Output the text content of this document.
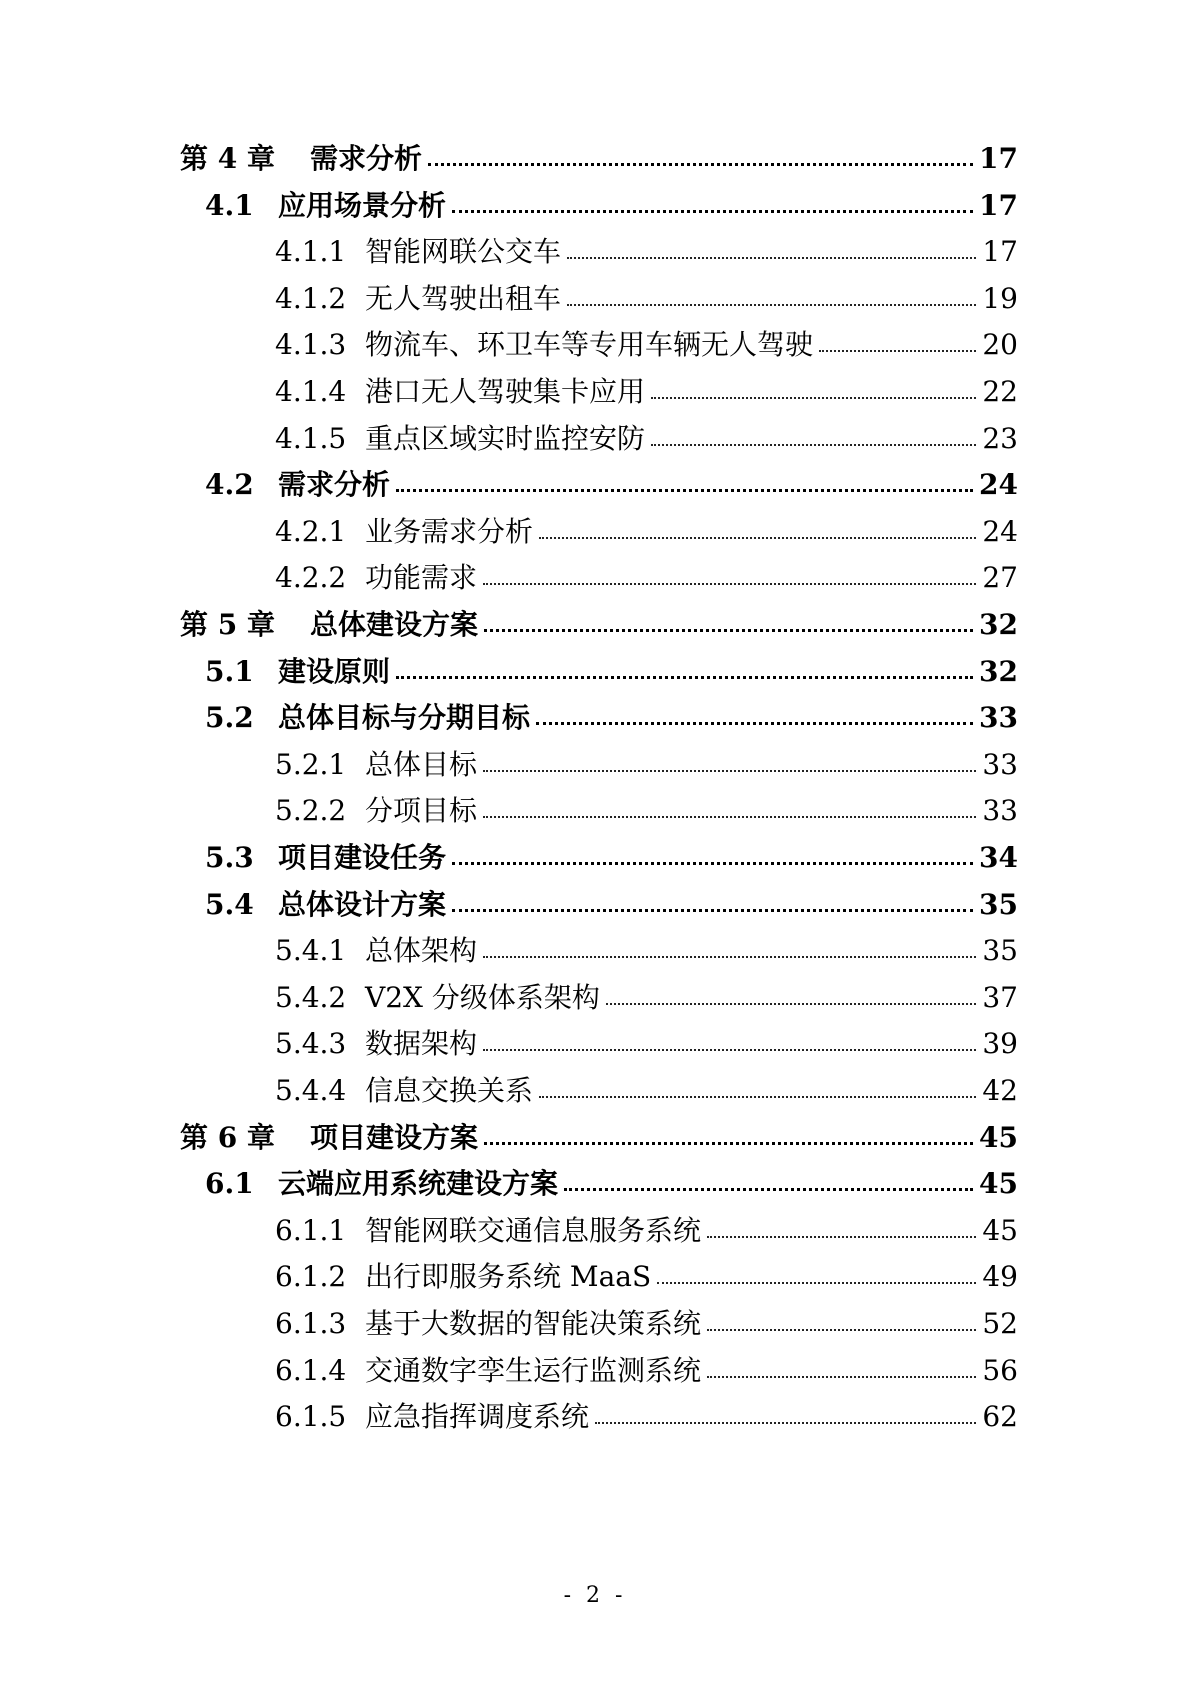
第 4 章	需求分析	17
4.1 应用场景分析	17
4.1.1 智能网联公交车	17
4.1.2 无人驾驶出租车	19
4.1.3 物流车、环卫车等专用车辆无人驾驶	20
4.1.4 港口无人驾驶集卡应用	22
4.1.5 重点区域实时监控安防	23
4.2 需求分析	24
4.2.1 业务需求分析	24
4.2.2 功能需求	27
第 5 章	总体建设方案	32
5.1 建设原则	32
5.2 总体目标与分期目标	33
5.2.1 总体目标	33
5.2.2 分项目标	33
5.3 项目建设任务	34
5.4 总体设计方案	35
5.4.1 总体架构	35
5.4.2 V2X 分级体系架构	37
5.4.3 数据架构	39
5.4.4 信息交换关系	42
第 6 章	项目建设方案	45
6.1 云端应用系统建设方案	45
6.1.1 智能网联交通信息服务系统	45
6.1.2 出行即服务系统 MaaS	49
6.1.3 基于大数据的智能决策系统	52
6.1.4 交通数字孪生运行监测系统	56
6.1.5 应急指挥调度系统	62
- 2 -
